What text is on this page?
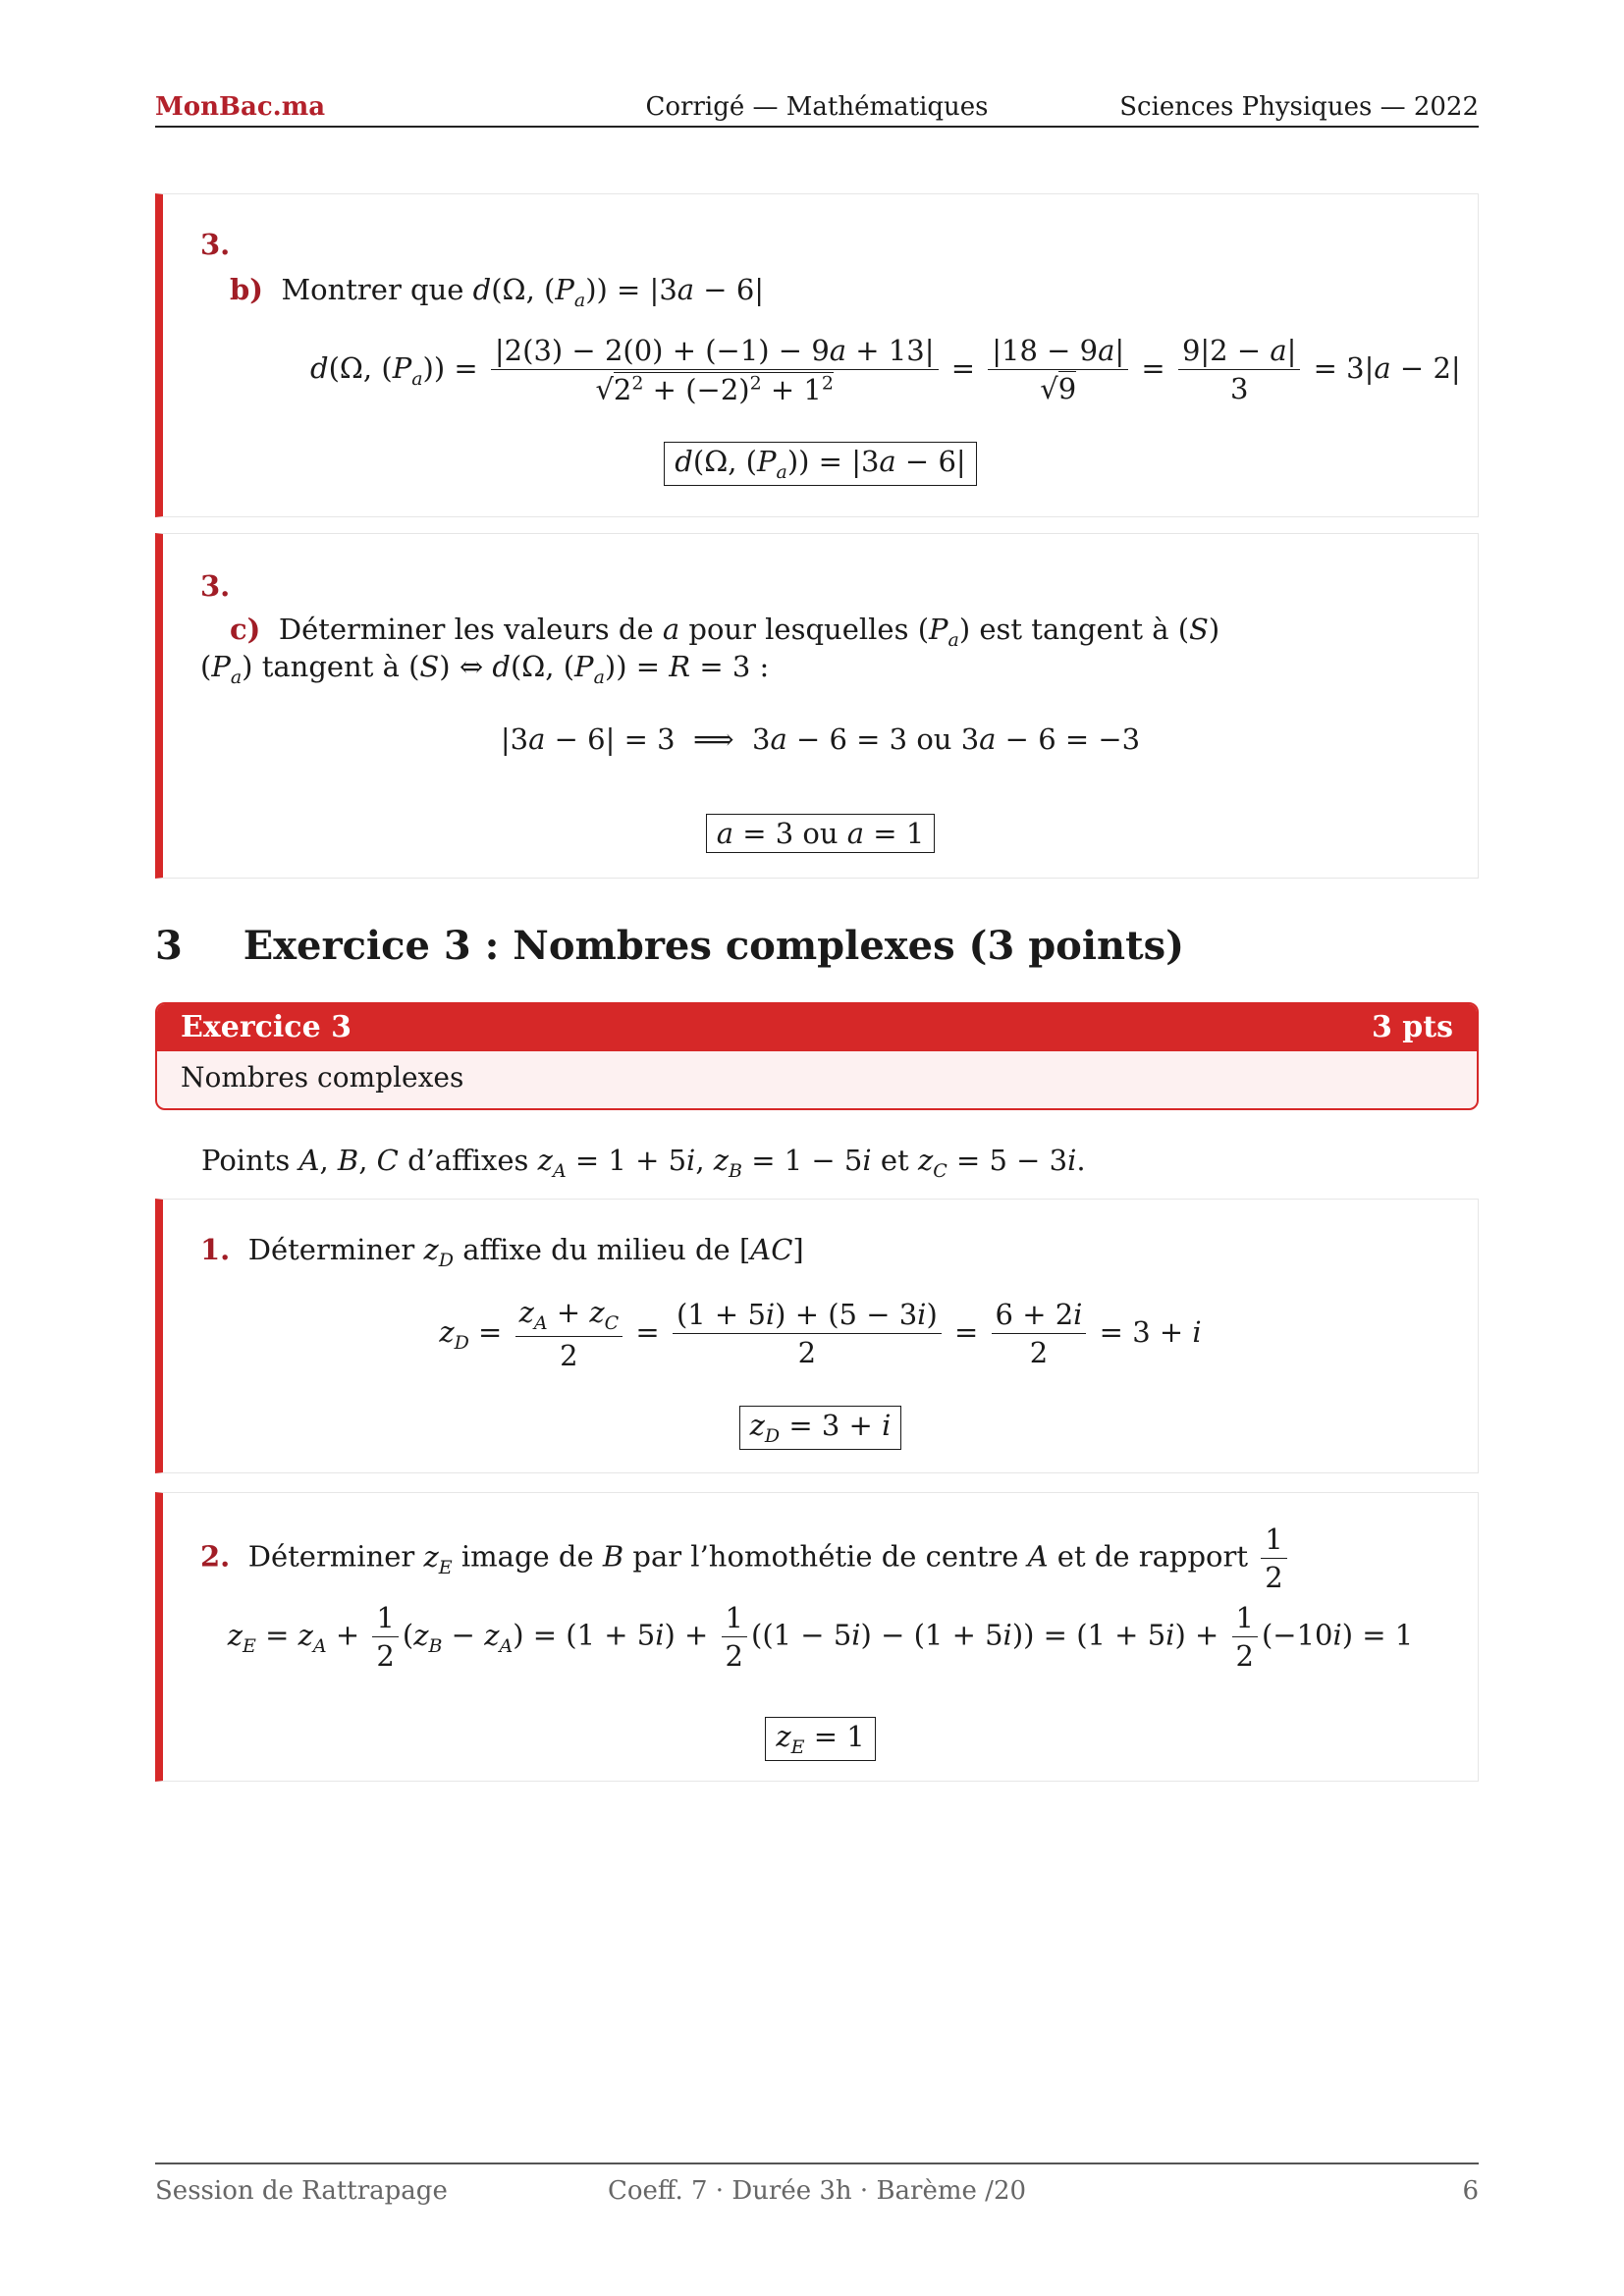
MonBac.ma	Corrigé — Mathématiques	Sciences Physiques — 2022
3.
b) Montrer que d(Ω, $(P_a)) = |3a - 6|$
d(Ω, $(P_a)) = \frac{|2(3) - 2(0) + (-1) - 9a + 13|}{√2^2 + (-2)^2 + 1^2} = \frac{|18 - 9a|}{√9} = \frac{9|2 - a|}{3} = 3|a - 2|$
d(Ω, $(P_a)) = |3a - 6|$
3.
c) Déterminer les valeurs de a pour lesquelles $(P_a)$ est tangent à (S)
$(P_a)$ tangent à (S) ⇔ d(Ω, $(P_a)) = R = 3$ :
|3a − 6| = 3  ⟹  3a − 6 = 3 ou 3a − 6 = −3
a = 3 ou a = 1
3 Exercice 3 : Nombres complexes (3 points)
Exercice 3	3 pts
Nombres complexes
Points A, B, C d’affixes $z_A = 1 + 5i$, $z_B = 1 - 5i$ et $z_C = 5 - 3i$.
1. Déterminer $z_D$ affixe du milieu de [AC]
$z_D = \frac{z_A + z_C}{2} = \frac{(1 + 5i) + (5 - 3i)}{2} = \frac{6 + 2i}{2} = 3 + i$
$z_D = 3 + i$
2. Déterminer $z_E$ image de B par l’homothétie de centre A et de rapport $\frac{1}{2}$
$z_E = z_A + \frac{1}{2} (z_B - z_A) = (1 + 5i) + \frac{1}{2} ((1 - 5i) - (1 + 5i)) = (1 + 5i) + \frac{1}{2} (-10i) = 1$
$z_E = 1$
Session de Rattrapage	Coeff. 7 · Durée 3h · Barème /20	6
